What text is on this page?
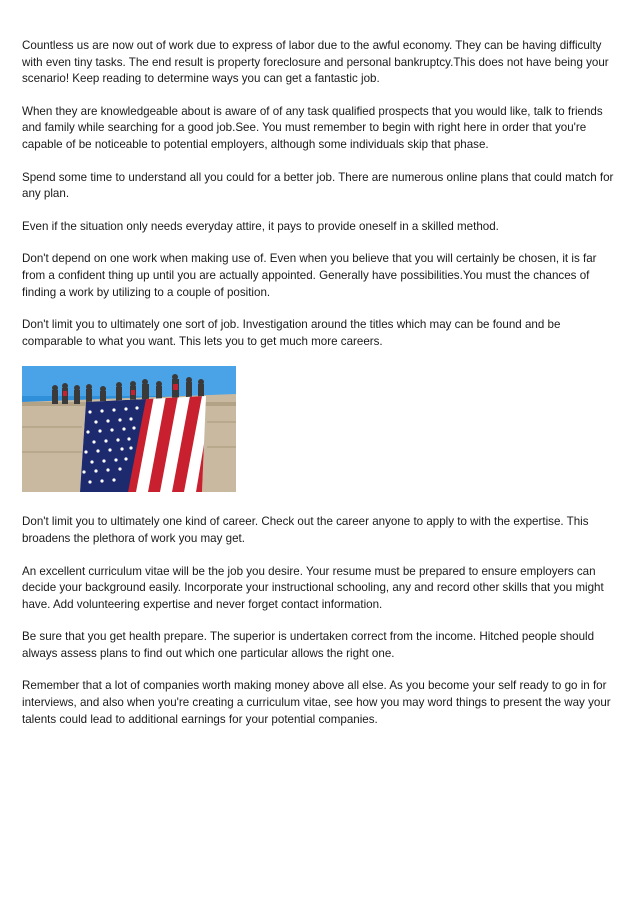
Countless us are now out of work due to express of labor due to the awful economy. They can be having difficulty with even tiny tasks. The end result is property foreclosure and personal bankruptcy.This does not have being your scenario! Keep reading to determine ways you can get a fantastic job.

When they are knowledgeable about is aware of of any task qualified prospects that you would like, talk to friends and family while searching for a good job.See. You must remember to begin with right here in order that you're capable of be noticeable to potential employers, although some individuals skip that phase.

Spend some time to understand all you could for a better job. There are numerous online plans that could match for any plan.

Even if the situation only needs everyday attire, it pays to provide oneself in a skilled method.

Don't depend on one work when making use of. Even when you believe that you will certainly be chosen, it is far from a confident thing up until you are actually appointed. Generally have possibilities.You must the chances of finding a work by utilizing to a couple of position.

Don't limit you to ultimately one sort of job. Investigation around the titles which may can be found and be comparable to what you want. This lets you to get much more careers.

Don't limit you to ultimately one kind of career. Check out the career anyone to apply to with the expertise. This broadens the plethora of work you may get.

An excellent curriculum vitae will be the job you desire. Your resume must be prepared to ensure employers can decide your background easily. Incorporate your instructional schooling, any and record other skills that you might have. Add volunteering expertise and never forget contact information.

Be sure that you get health prepare. The superior is undertaken correct from the income. Hitched people should always assess plans to find out which one particular allows the right one.

Remember that a lot of companies worth making money above all else. As you become your self ready to go in for interviews, and also when you're creating a curriculum vitae, see how you may word things to present the way your talents could lead to additional earnings for your potential companies.
